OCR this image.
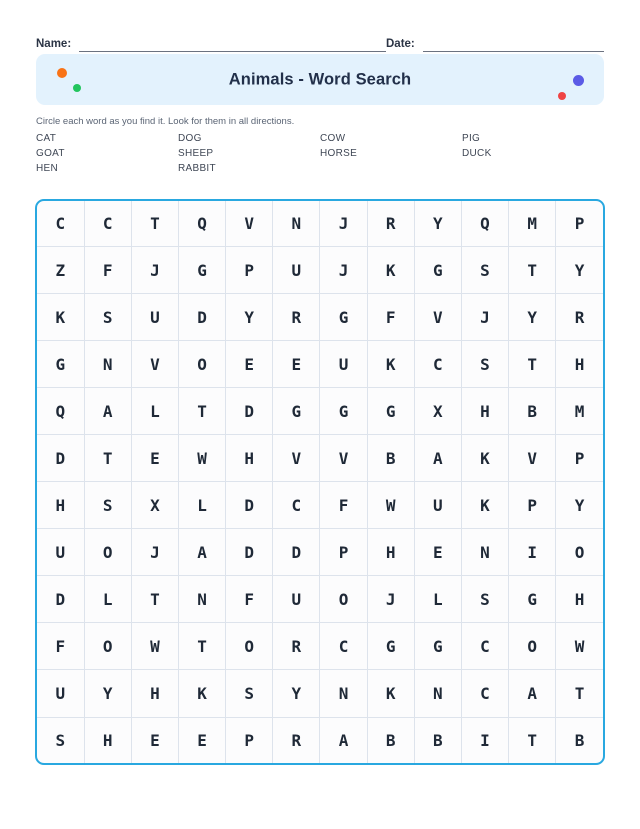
Name:	Date:
Animals - Word Search
Circle each word as you find it. Look for them in all directions.
CAT	DOG	COW	PIG
GOAT	SHEEP	HORSE	DUCK
HEN	RABBIT
C	C	T	Q	V	N	J	R	Y	Q	M	P
Z	F	J	G	P	U	J	K	G	S	T	Y
K	S	U	D	Y	R	G	F	V	J	Y	R
G	N	V	O	E	E	U	K	C	S	T	H
Q	A	L	T	D	G	G	G	X	H	B	M
D	T	E	W	H	V	V	B	A	K	V	P
H	S	X	L	D	C	F	W	U	K	P	Y
U	O	J	A	D	D	P	H	E	N	I	O
D	L	T	N	F	U	O	J	L	S	G	H
F	O	W	T	O	R	C	G	G	C	O	W
U	Y	H	K	S	Y	N	K	N	C	A	T
S	H	E	E	P	R	A	B	B	I	T	B
